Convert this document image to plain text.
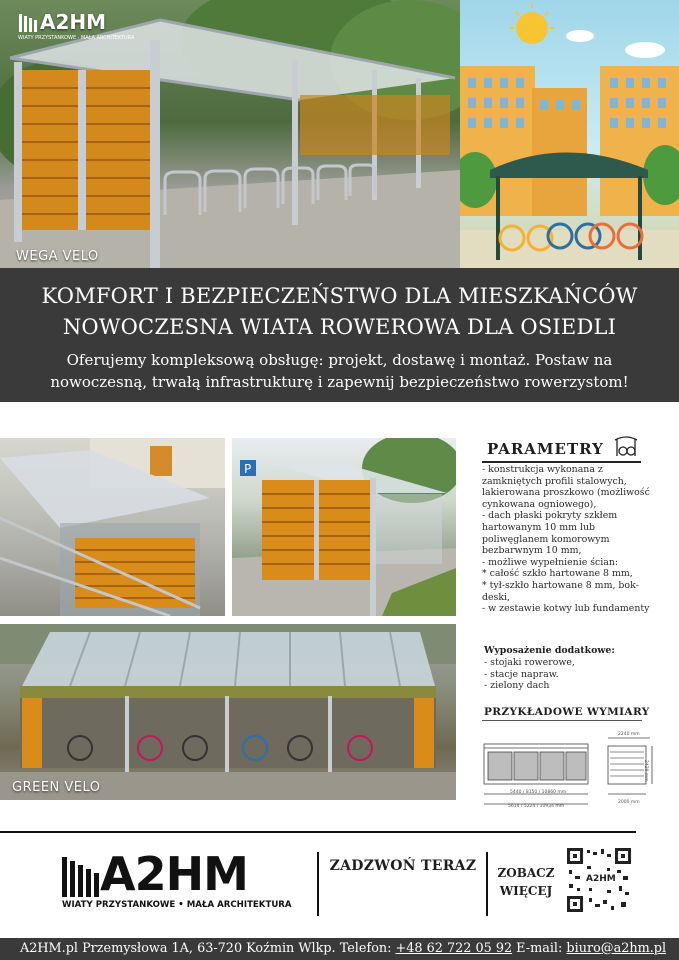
A2HM
WIATY PRZYSTANKOWE · MAŁA ARCHITEKTURA
WEGA VELO
KOMFORT I BEZPIECZEŃSTWO DLA MIESZKAŃCÓW
NOWOCZESNA WIATA ROWEROWA DLA OSIEDLI
Oferujemy kompleksową obsługę: projekt, dostawę i montaż. Postaw na nowoczesną, trwałą infrastrukturę i zapewnij bezpieczeństwo rowerzystom!
P
GREEN VELO
PARAMETRY
- konstrukcja wykonana z zamkniętych profili stalowych, lakierowana proszkowo (możliwość cynkowana ogniowego),
- dach płaski pokryty szkłem hartowanym 10 mm lub poliwęglanem komorowym bezbarwnym 10 mm,
- możliwe wypełnienie ścian:
* całość szkło hartowane 8 mm,
* tył-szkło hartowane 8 mm, bok- deski,
- w zestawie kotwy lub fundamenty
Wyposażenie dodatkowe:
- stojaki rowerowe,
- stacje napraw.
- zielony dach
PRZYKŁADOWE WYMIARY
5440 / 8150 / 10860 mm
5614 / 5224 / 10934 mm
2240 mm
2429 mm
2000 mm
A2HM
WIATY PRZYSTANKOWE • MAŁA ARCHITEKTURA
ZADZWOŃ TERAZ	ZOBACZ
WIĘCEJ
A2HM
A2HM.pl Przemysłowa 1A, 63-720 Koźmin Wlkp. Telefon: +48 62 722 05 92 E-mail: biuro@a2hm.pl
